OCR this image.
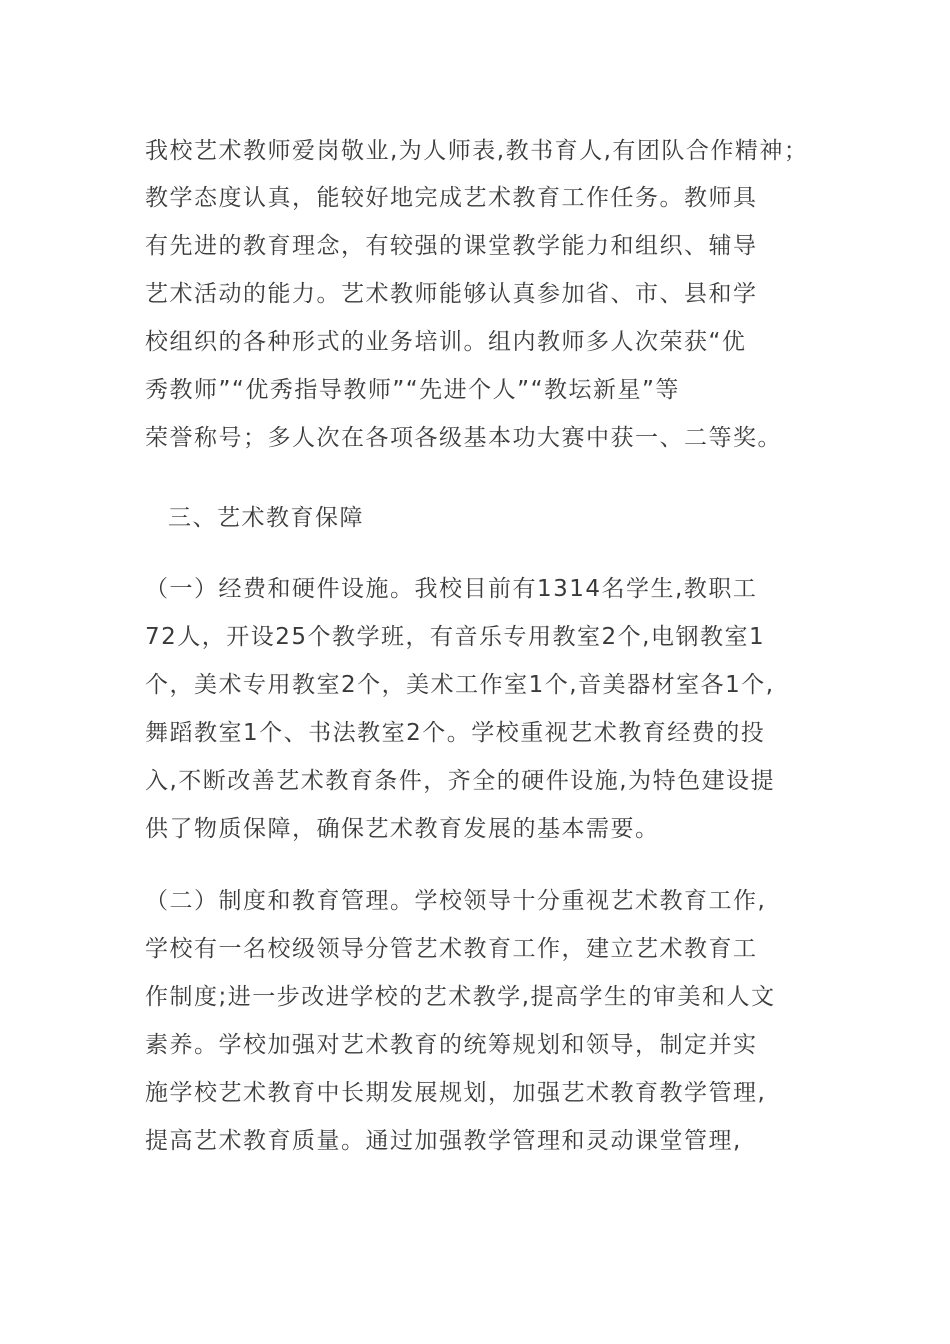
我校艺术教师爱岗敬业,为人师表,教书育人,有团队合作精神；
教学态度认真，能较好地完成艺术教育工作任务。教师具
有先进的教育理念，有较强的课堂教学能力和组织、辅导
艺术活动的能力。艺术教师能够认真参加省、市、县和学
校组织的各种形式的业务培训。组内教师多人次荣获“优
秀教师”“优秀指导教师”“先进个人”“教坛新星”等
荣誉称号；多人次在各项各级基本功大赛中获一、二等奖。
三、艺术教育保障
（一）经费和硬件设施。我校目前有1314名学生,教职工
72人，开设25个教学班，有音乐专用教室2个,电钢教室1
个，美术专用教室2个，美术工作室1个,音美器材室各1个,
舞蹈教室1个、书法教室2个。学校重视艺术教育经费的投
入,不断改善艺术教育条件，齐全的硬件设施,为特色建设提
供了物质保障，确保艺术教育发展的基本需要。
（二）制度和教育管理。学校领导十分重视艺术教育工作,
学校有一名校级领导分管艺术教育工作，建立艺术教育工
作制度;进一步改进学校的艺术教学,提高学生的审美和人文
素养。学校加强对艺术教育的统筹规划和领导，制定并实
施学校艺术教育中长期发展规划，加强艺术教育教学管理,
提高艺术教育质量。通过加强教学管理和灵动课堂管理,
